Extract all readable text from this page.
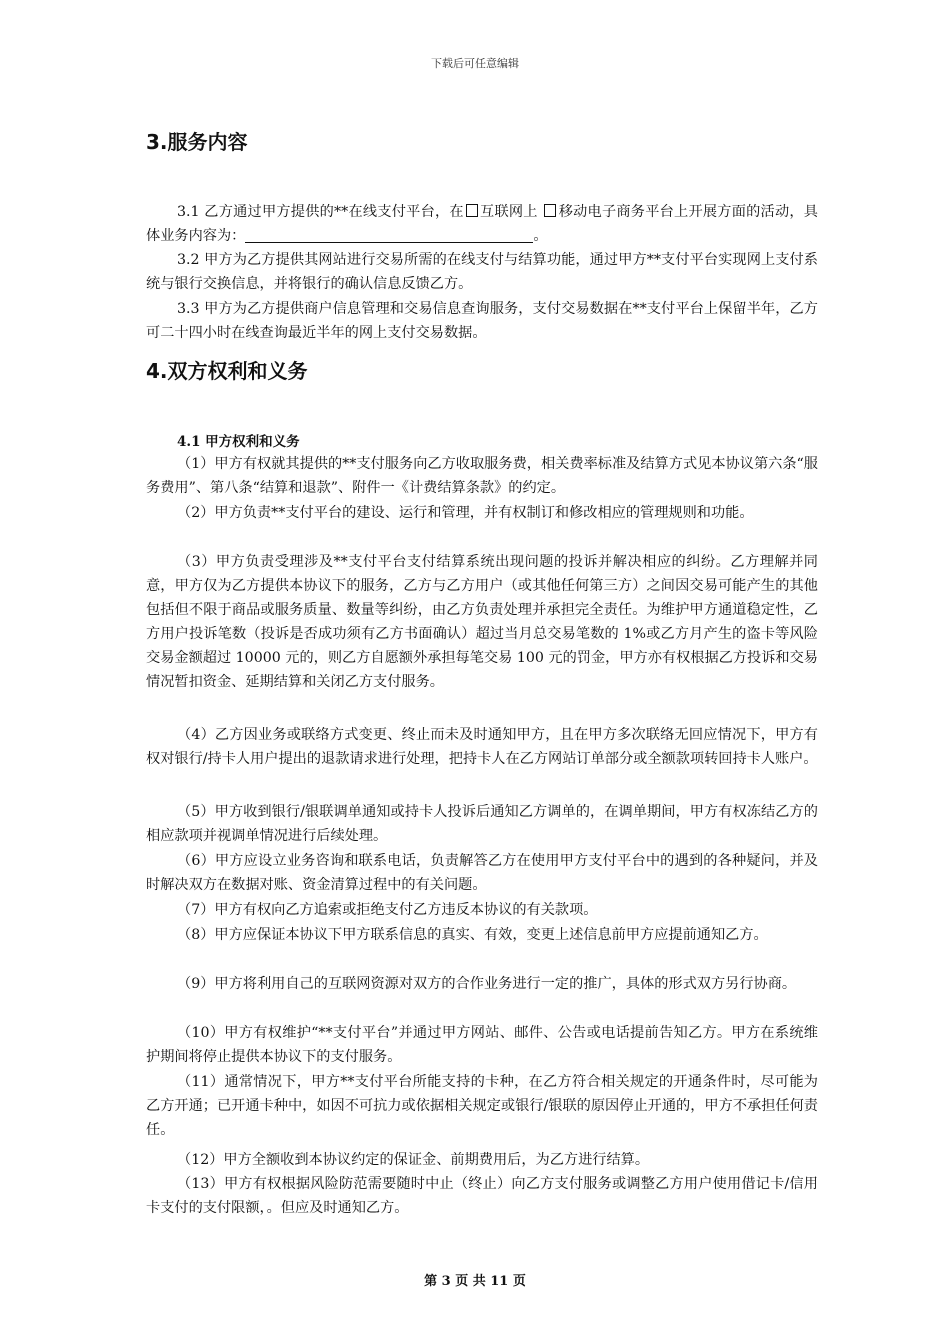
下载后可任意编辑
3.服务内容
3.1 乙方通过甲方提供的**在线支付平台，在 互联网上 移动电子商务平台上开展方面的活动，具体业务内容为：	。
3.2 甲方为乙方提供其网站进行交易所需的在线支付与结算功能，通过甲方**支付平台实现网上支付系统与银行交换信息，并将银行的确认信息反馈乙方。
3.3 甲方为乙方提供商户信息管理和交易信息查询服务，支付交易数据在**支付平台上保留半年，乙方可二十四小时在线查询最近半年的网上支付交易数据。
4.双方权利和义务
4.1 甲方权利和义务
（1）甲方有权就其提供的**支付服务向乙方收取服务费，相关费率标准及结算方式见本协议第六条“服务费用”、第八条“结算和退款”、附件一《计费结算条款》的约定。
（2）甲方负责**支付平台的建设、运行和管理，并有权制订和修改相应的管理规则和功能。
（3）甲方负责受理涉及**支付平台支付结算系统出现问题的投诉并解决相应的纠纷。乙方理解并同意，甲方仅为乙方提供本协议下的服务，乙方与乙方用户（或其他任何第三方）之间因交易可能产生的其他包括但不限于商品或服务质量、数量等纠纷，由乙方负责处理并承担完全责任。为维护甲方通道稳定性，乙方用户投诉笔数（投诉是否成功须有乙方书面确认）超过当月总交易笔数的 1%或乙方月产生的盗卡等风险交易金额超过 10000 元的，则乙方自愿额外承担每笔交易 100 元的罚金，甲方亦有权根据乙方投诉和交易情况暂扣资金、延期结算和关闭乙方支付服务。
（4）乙方因业务或联络方式变更、终止而未及时通知甲方，且在甲方多次联络无回应情况下，甲方有权对银行/持卡人用户提出的退款请求进行处理，把持卡人在乙方网站订单部分或全额款项转回持卡人账户。
（5）甲方收到银行/银联调单通知或持卡人投诉后通知乙方调单的，在调单期间，甲方有权冻结乙方的相应款项并视调单情况进行后续处理。
（6）甲方应设立业务咨询和联系电话，负责解答乙方在使用甲方支付平台中的遇到的各种疑问，并及时解决双方在数据对账、资金清算过程中的有关问题。
（7）甲方有权向乙方追索或拒绝支付乙方违反本协议的有关款项。
（8）甲方应保证本协议下甲方联系信息的真实、有效，变更上述信息前甲方应提前通知乙方。
（9）甲方将利用自己的互联网资源对双方的合作业务进行一定的推广，具体的形式双方另行协商。
（10）甲方有权维护“**支付平台”并通过甲方网站、邮件、公告或电话提前告知乙方。甲方在系统维护期间将停止提供本协议下的支付服务。
（11）通常情况下，甲方**支付平台所能支持的卡种，在乙方符合相关规定的开通条件时，尽可能为乙方开通；已开通卡种中，如因不可抗力或依据相关规定或银行/银联的原因停止开通的，甲方不承担任何责任。
（12）甲方全额收到本协议约定的保证金、前期费用后，为乙方进行结算。
（13）甲方有权根据风险防范需要随时中止（终止）向乙方支付服务或调整乙方用户使用借记卡/信用卡支付的支付限额，。但应及时通知乙方。
第 3 页 共 11 页
